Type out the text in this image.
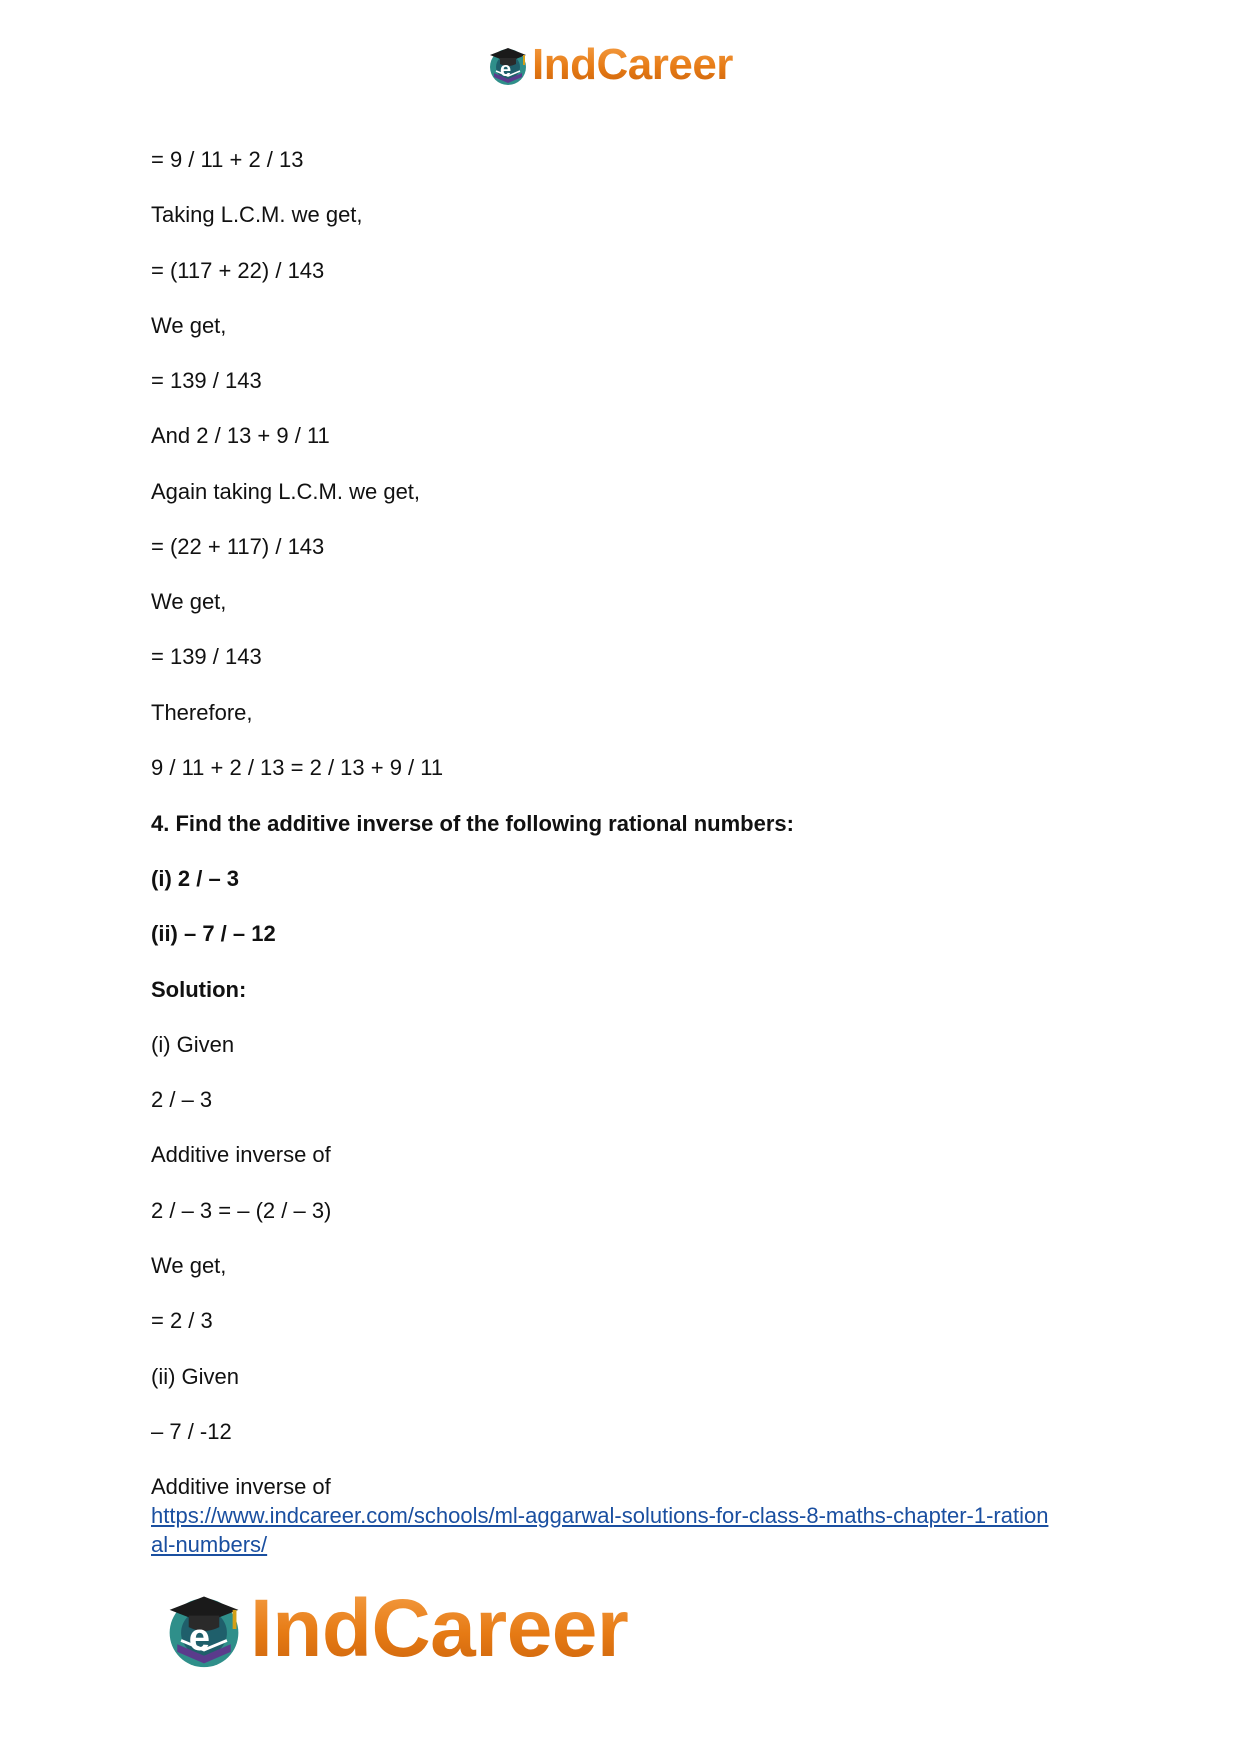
e IndCareer
= 9 / 11 + 2 / 13
Taking L.C.M. we get,
= (117 + 22) / 143
We get,
= 139 / 143
And 2 / 13 + 9 / 11
Again taking L.C.M. we get,
= (22 + 117) / 143
We get,
= 139 / 143
Therefore,
9 / 11 + 2 / 13 = 2 / 13 + 9 / 11
4. Find the additive inverse of the following rational numbers:
(i) 2 / – 3
(ii) – 7 / – 12
Solution:
(i) Given
2 / – 3
Additive inverse of
2 / – 3 = – (2 / – 3)
We get,
= 2 / 3
(ii) Given
– 7 / -12
Additive inverse of
https://www.indcareer.com/schools/ml-aggarwal-solutions-for-class-8-maths-chapter-1-ration
al-numbers/
e IndCareer
